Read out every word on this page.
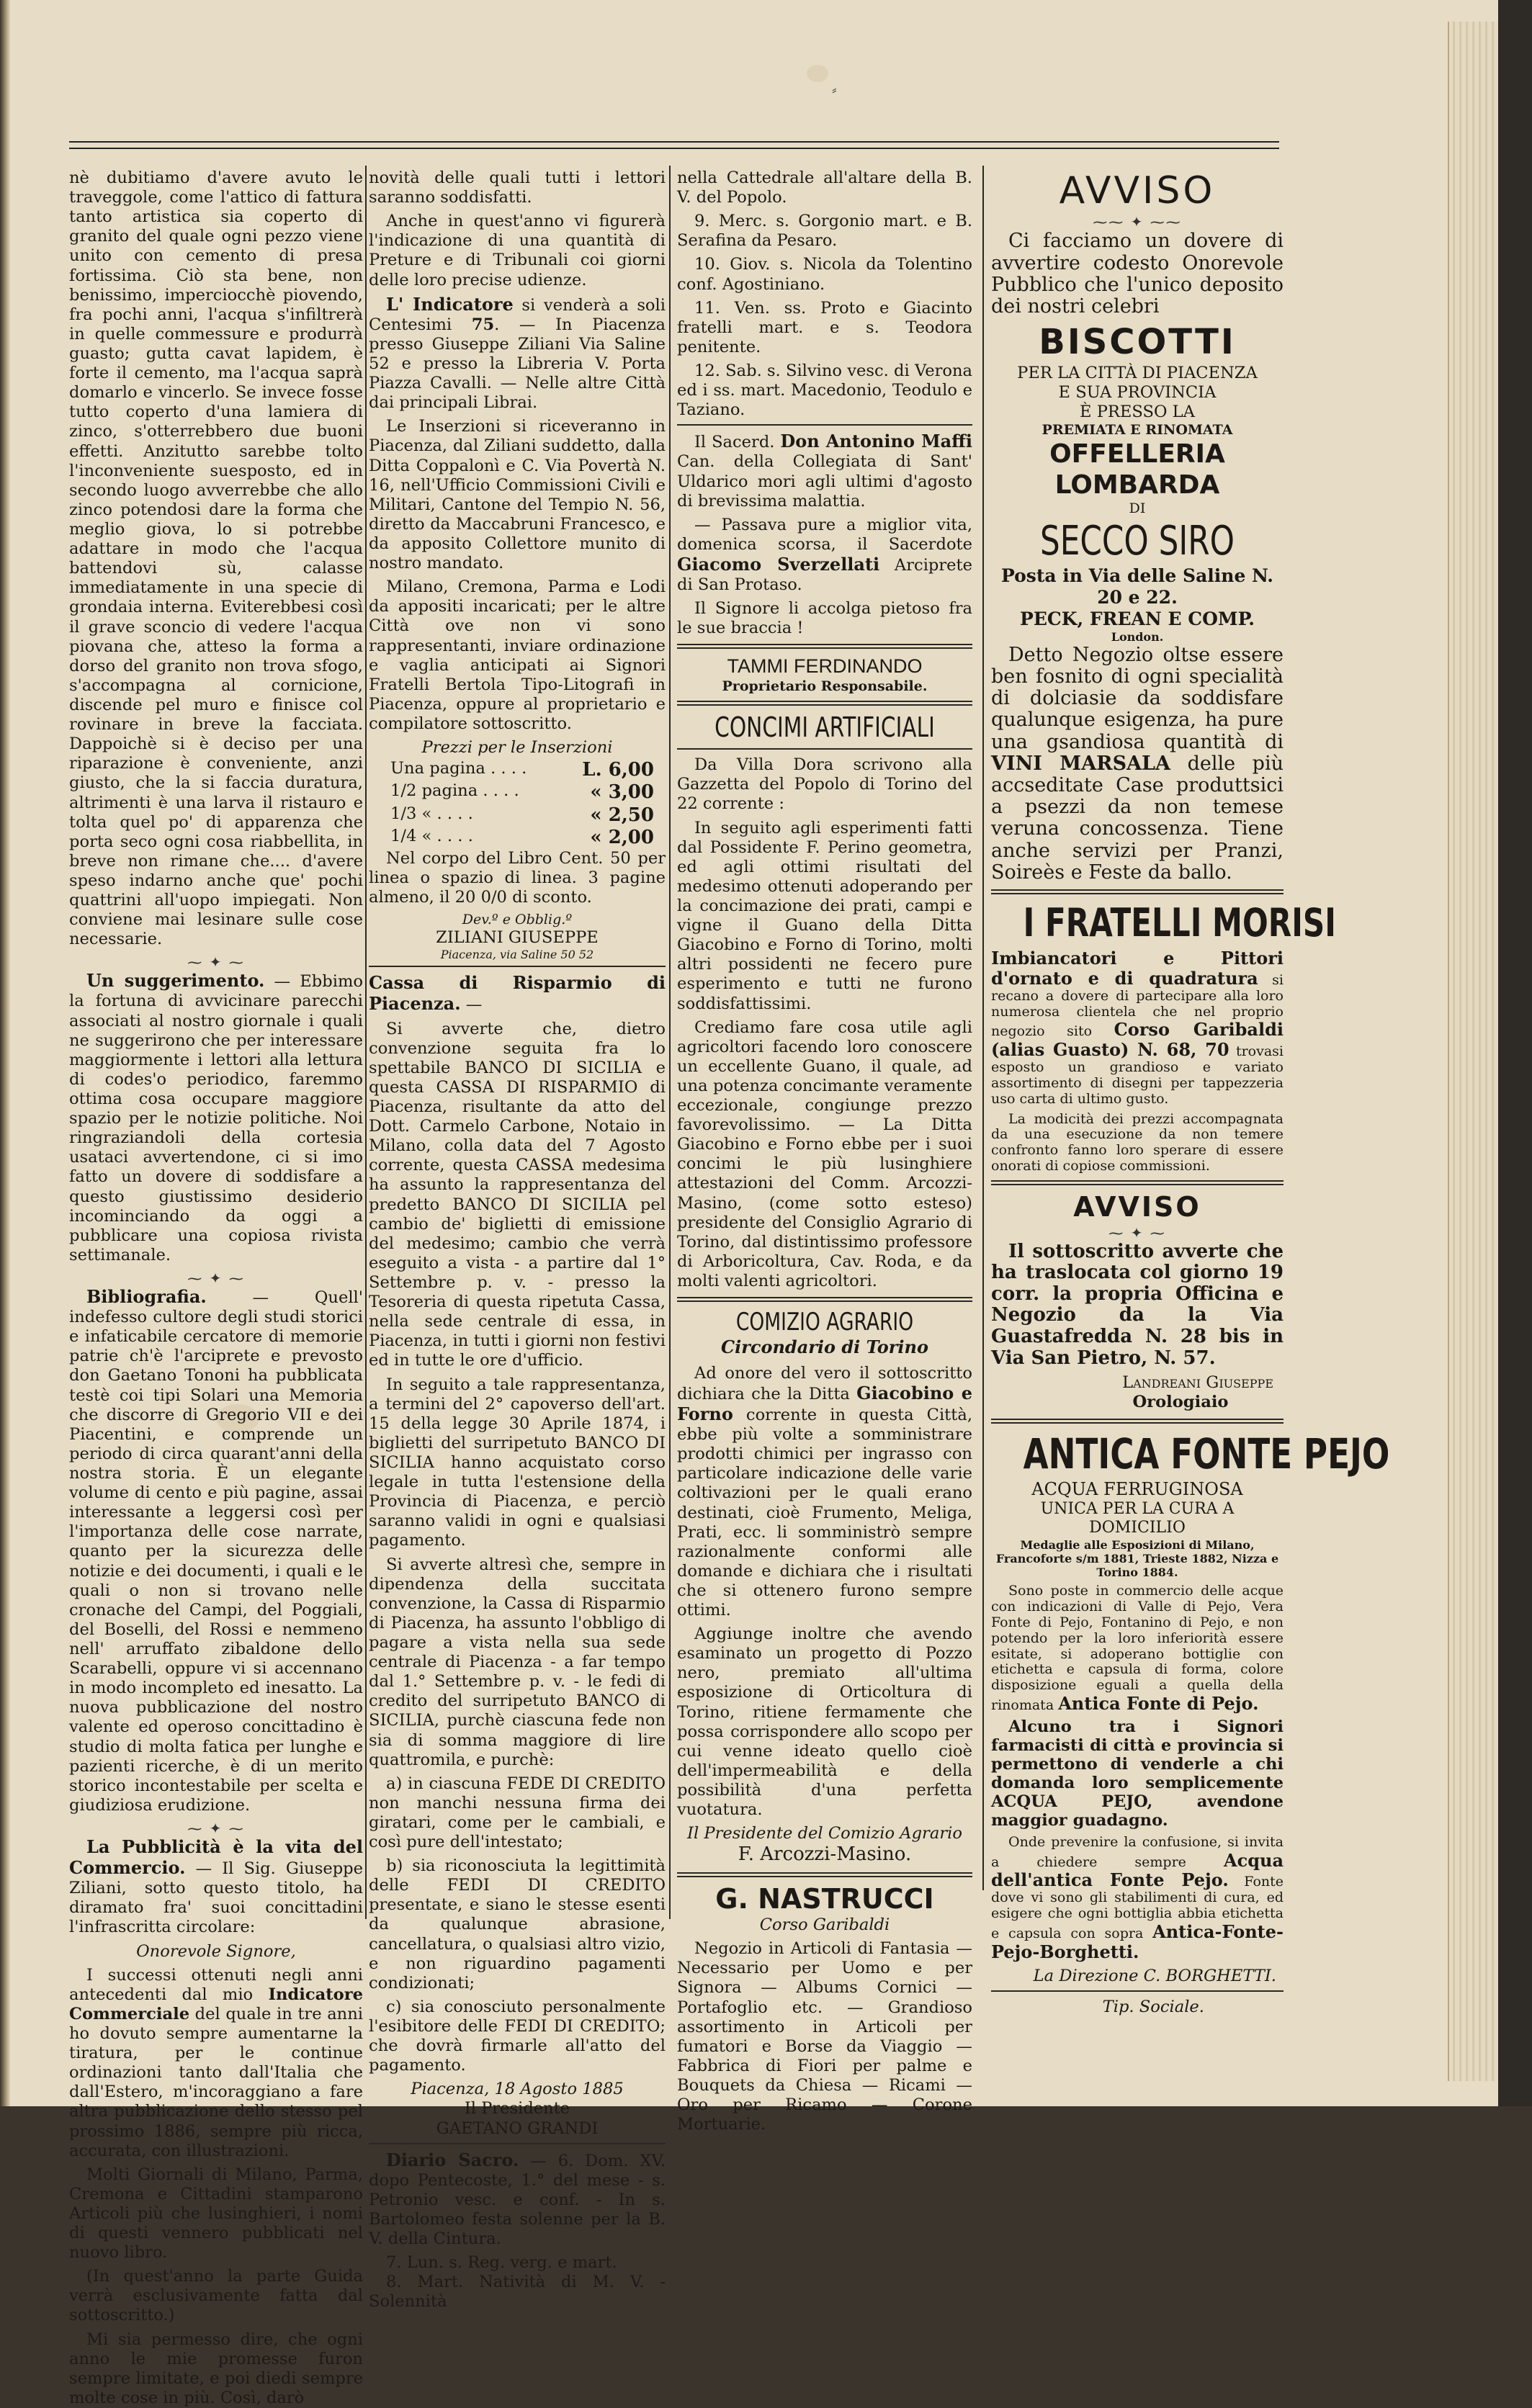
⸗

nè dubitiamo d'avere avuto le traveggole, come l'attico di fattura tanto artistica sia coperto di granito del quale ogni pezzo viene unito con cemento di presa fortissima. Ciò sta bene, non benissimo, imperciocchè piovendo, fra pochi anni, l'acqua s'infiltrerà in quelle commessure e produrrà guasto; gutta cavat lapidem, è forte il cemento, ma l'acqua saprà domarlo e vincerlo. Se invece fosse tutto coperto d'una lamiera di zinco, s'otterrebbero due buoni effetti. Anzitutto sarebbe tolto l'inconveniente suesposto, ed in secondo luogo avverrebbe che allo zinco potendosi dare la forma che meglio giova, lo si potrebbe adattare in modo che l'acqua battendovi sù, calasse immediatamente in una specie di grondaia interna. Eviterebbesi così il grave sconcio di vedere l'acqua piovana che, atteso la forma a dorso del granito non trova sfogo, s'accompagna al cornicione, discende pel muro e finisce col rovinare in breve la facciata. Dappoichè si è deciso per una riparazione è conveniente, anzi giusto, che la si faccia duratura, altrimenti è una larva il ristauro e tolta quel po' di apparenza che porta seco ogni cosa riabbellita, in breve non rimane che.... d'avere speso indarno anche que' pochi quattrini all'uopo impiegati. Non conviene mai lesinare sulle cose necessarie.

⁓ ✦ ⁓

Un suggerimento. — Ebbimo la fortuna di avvicinare parecchi associati al nostro giornale i quali ne suggerirono che per interessare maggiormente i lettori alla lettura di codes'o periodico, faremmo ottima cosa occupare maggiore spazio per le notizie politiche. Noi ringraziandoli della cortesia usataci avvertendone, ci si imo fatto un dovere di soddisfare a questo giustissimo desiderio incominciando da oggi a pubblicare una copiosa rivista settimanale.

⁓ ✦ ⁓

Bibliografia. — Quell' indefesso cultore degli studi storici e infaticabile cercatore di memorie patrie ch'è l'arciprete e prevosto don Gaetano Tononi ha pubblicata testè coi tipi Solari una Memoria che discorre di Gregorio VII e dei Piacentini, e comprende un periodo di circa quarant'anni della nostra storia. È un elegante volume di cento e più pagine, assai interessante a leggersi così per l'importanza delle cose narrate, quanto per la sicurezza delle notizie e dei documenti, i quali e le quali o non si trovano nelle cronache del Campi, del Poggiali, del Boselli, del Rossi e nemmeno nell' arruffato zibaldone dello Scarabelli, oppure vi si accennano in modo incompleto ed inesatto. La nuova pubblicazione del nostro valente ed operoso concittadino è studio di molta fatica per lunghe e pazienti ricerche, è di un merito storico incontestabile per scelta e giudiziosa erudizione.

⁓ ✦ ⁓

La Pubblicità è la vita del Commercio. — Il Sig. Giuseppe Ziliani, sotto questo titolo, ha diramato fra' suoi concittadini l'infrascritta circolare:

Onorevole Signore,

I successi ottenuti negli anni antecedenti dal mio Indicatore Commerciale del quale in tre anni ho dovuto sempre aumentarne la tiratura, per le continue ordinazioni tanto dall'Italia che dall'Estero, m'incoraggiano a fare altra pubblicazione dello stesso pel prossimo 1886, sempre più ricca, accurata, con illustrazioni.

Molti Giornali di Milano, Parma, Cremona e Cittadini stamparono Articoli più che lusinghieri, i nomi di questi vennero pubblicati nel nuovo libro.

(In quest'anno la parte Guida verrà esclusivamente fatta dal sottoscritto.)

Mi sia permesso dire, che ogni anno le mie promesse furon sempre limitate, e poi diedi sempre molte cose in più. Così, darò

novità delle quali tutti i lettori saranno soddisfatti.

Anche in quest'anno vi figurerà l'indicazione di una quantità di Preture e di Tribunali coi giorni delle loro precise udienze.

L' Indicatore si venderà a soli Centesimi 75. — In Piacenza presso Giuseppe Ziliani Via Saline 52 e presso la Libreria V. Porta Piazza Cavalli. — Nelle altre Città dai principali Librai.

Le Inserzioni si riceveranno in Piacenza, dal Ziliani suddetto, dalla Ditta Coppalonì e C. Via Povertà N. 16, nell'Ufficio Commissioni Civili e Militari, Cantone del Tempio N. 56, diretto da Maccabruni Francesco, e da apposito Collettore munito di nostro mandato.

Milano, Cremona, Parma e Lodi da appositi incaricati; per le altre Città ove non vi sono rappresentanti, inviare ordinazione e vaglia anticipati ai Signori Fratelli Bertola Tipo-Litografi in Piacenza, oppure al proprietario e compilatore sottoscritto.

Prezzi per le Inserzioni

Una pagina . . . .	L. 6,00
1/2 pagina . . . .	« 3,00
1/3 « . . . .	« 2,50
1/4 « . . . .	« 2,00

Nel corpo del Libro Cent. 50 per linea o spazio di linea. 3 pagine almeno, il 20 0/0 di sconto.

Dev.º e Obblig.º

ZILIANI GIUSEPPE

Piacenza, via Saline 50 52

Cassa di Risparmio di Piacenza. —

Si avverte che, dietro convenzione seguita fra lo spettabile BANCO DI SICILIA e questa CASSA DI RISPARMIO di Piacenza, risultante da atto del Dott. Carmelo Carbone, Notaio in Milano, colla data del 7 Agosto corrente, questa CASSA medesima ha assunto la rappresentanza del predetto BANCO DI SICILIA pel cambio de' biglietti di emissione del medesimo; cambio che verrà eseguito a vista - a partire dal 1° Settembre p. v. - presso la Tesoreria di questa ripetuta Cassa, nella sede centrale di essa, in Piacenza, in tutti i giorni non festivi ed in tutte le ore d'ufficio.

In seguito a tale rappresentanza, a termini del 2° capoverso dell'art. 15 della legge 30 Aprile 1874, i biglietti del surripetuto BANCO DI SICILIA hanno acquistato corso legale in tutta l'estensione della Provincia di Piacenza, e perciò saranno validi in ogni e qualsiasi pagamento.

Si avverte altresì che, sempre in dipendenza della succitata convenzione, la Cassa di Risparmio di Piacenza, ha assunto l'obbligo di pagare a vista nella sua sede centrale di Piacenza - a far tempo dal 1.° Settembre p. v. - le fedi di credito del surripetuto BANCO di SICILIA, purchè ciascuna fede non sia di somma maggiore di lire quattromila, e purchè:

a) in ciascuna FEDE DI CREDITO non manchi nessuna firma dei giratari, come per le cambiali, e così pure dell'intestato;

b) sia riconosciuta la legittimità delle FEDI DI CREDITO presentate, e siano le stesse esenti da qualunque abrasione, cancellatura, o qualsiasi altro vizio, e non riguardino pagamenti condizionati;

c) sia conosciuto personalmente l'esibitore delle FEDI DI CREDITO; che dovrà firmarle all'atto del pagamento.

Piacenza, 18 Agosto 1885

Il Presidente

GAETANO GRANDI

Diario Sacro. — 6. Dom. XV. dopo Pentecoste, 1.° del mese - s. Petronio vesc. e conf. - In s. Bartolomeo festa solenne per la B. V. della Cintura.

7. Lun. s. Reg. verg. e mart.

8. Mart. Natività di M. V. - Solennità

nella Cattedrale all'altare della B. V. del Popolo.

9. Merc. s. Gorgonio mart. e B. Serafina da Pesaro.

10. Giov. s. Nicola da Tolentino conf. Agostiniano.

11. Ven. ss. Proto e Giacinto fratelli mart. e s. Teodora penitente.

12. Sab. s. Silvino vesc. di Verona ed i ss. mart. Macedonio, Teodulo e Taziano.

Il Sacerd. Don Antonino Maffi Can. della Collegiata di Sant' Uldarico mori agli ultimi d'agosto di brevissima malattia.

— Passava pure a miglior vita, domenica scorsa, il Sacerdote Giacomo Sverzellati Arciprete di San Protaso.

Il Signore li accolga pietoso fra le sue braccia !

TAMMI FERDINANDO

Proprietario Responsabile.

CONCIMI ARTIFICIALI

Da Villa Dora scrivono alla Gazzetta del Popolo di Torino del 22 corrente :

In seguito agli esperimenti fatti dal Possidente F. Perino geometra, ed agli ottimi risultati del medesimo ottenuti adoperando per la concimazione dei prati, campi e vigne il Guano della Ditta Giacobino e Forno di Torino, molti altri possidenti ne fecero pure esperimento e tutti ne furono soddisfattissimi.

Crediamo fare cosa utile agli agricoltori facendo loro conoscere un eccellente Guano, il quale, ad una potenza concimante veramente eccezionale, congiunge prezzo favorevolissimo. — La Ditta Giacobino e Forno ebbe per i suoi concimi le più lusinghiere attestazioni del Comm. Arcozzi-Masino, (come sotto esteso) presidente del Consiglio Agrario di Torino, dal distintissimo professore di Arboricoltura, Cav. Roda, e da molti valenti agricoltori.

COMIZIO AGRARIO

Circondario di Torino

Ad onore del vero il sottoscritto dichiara che la Ditta Giacobino e Forno corrente in questa Città, ebbe più volte a somministrare prodotti chimici per ingrasso con particolare indicazione delle varie coltivazioni per le quali erano destinati, cioè Frumento, Meliga, Prati, ecc. li somministrò sempre razionalmente conformi alle domande e dichiara che i risultati che si ottenero furono sempre ottimi.

Aggiunge inoltre che avendo esaminato un progetto di Pozzo nero, premiato all'ultima esposizione di Orticoltura di Torino, ritiene fermamente che possa corrispondere allo scopo per cui venne ideato quello cioè dell'impermeabilità e della possibilità d'una perfetta vuotatura.

Il Presidente del Comizio Agrario

F. Arcozzi-Masino.

G. NASTRUCCI

Corso Garibaldi

Negozio in Articoli di Fantasia — Necessario per Uomo e per Signora — Albums Cornici — Portafoglio etc. — Grandioso assortimento in Articoli per fumatori e Borse da Viaggio — Fabbrica di Fiori per palme e Bouquets da Chiesa — Ricami — Oro per Ricamo — Corone Mortuarie.

AVVISO

⁓⁓ ✦ ⁓⁓

Ci facciamo un dovere di avvertire codesto Onorevole Pubblico che l'unico deposito dei nostri celebri

BISCOTTI

PER LA CITTÀ DI PIACENZA

E SUA PROVINCIA

È PRESSO LA

PREMIATA E RINOMATA

OFFELLERIA LOMBARDA

DI

SECCO SIRO

Posta in Via delle Saline N. 20 e 22.

PECK, FREAN E COMP.

London.

Detto Negozio oltse essere ben fosnito di ogni specialità di dolciasie da soddisfare qualunque esigenza, ha pure una gsandiosa quantità di VINI MARSALA delle più accseditate Case produttsici a psezzi da non temese veruna concossenza. Tiene anche servizi per Pranzi, Soireès e Feste da ballo.

I FRATELLI MORISI

Imbiancatori e Pittori d'ornato e di quadratura si recano a dovere di partecipare alla loro numerosa clientela che nel proprio negozio sito Corso Garibaldi (alias Guasto) N. 68, 70 trovasi esposto un grandioso e variato assortimento di disegni per tappezzeria uso carta di ultimo gusto.

La modicità dei prezzi accompagnata da una esecuzione da non temere confronto fanno loro sperare di essere onorati di copiose commissioni.

AVVISO

⁓ ✦ ⁓

Il sottoscritto avverte che ha traslocata col giorno 19 corr. la propria Officina e Negozio da la Via Guastafredda N. 28 bis in Via San Pietro, N. 57.

Landreani Giuseppe

Orologiaio

ANTICA FONTE PEJO

ACQUA FERRUGINOSA

UNICA PER LA CURA A DOMICILIO

Medaglie alle Esposizioni di Milano, Francoforte s/m 1881, Trieste 1882, Nizza e Torino 1884.

Sono poste in commercio delle acque con indicazioni di Valle di Pejo, Vera Fonte di Pejo, Fontanino di Pejo, e non potendo per la loro inferiorità essere esitate, si adoperano bottiglie con etichetta e capsula di forma, colore disposizione eguali a quella della rinomata Antica Fonte di Pejo.

Alcuno tra i Signori farmacisti di città e provincia si permettono di venderle a chi domanda loro semplicemente ACQUA PEJO, avendone maggior guadagno.

Onde prevenire la confusione, si invita a chiedere sempre Acqua dell'antica Fonte Pejo. Fonte dove vi sono gli stabilimenti di cura, ed esigere che ogni bottiglia abbia etichetta e capsula con sopra Antica-Fonte-Pejo-Borghetti.

La Direzione C. BORGHETTI.

Tip. Sociale.
